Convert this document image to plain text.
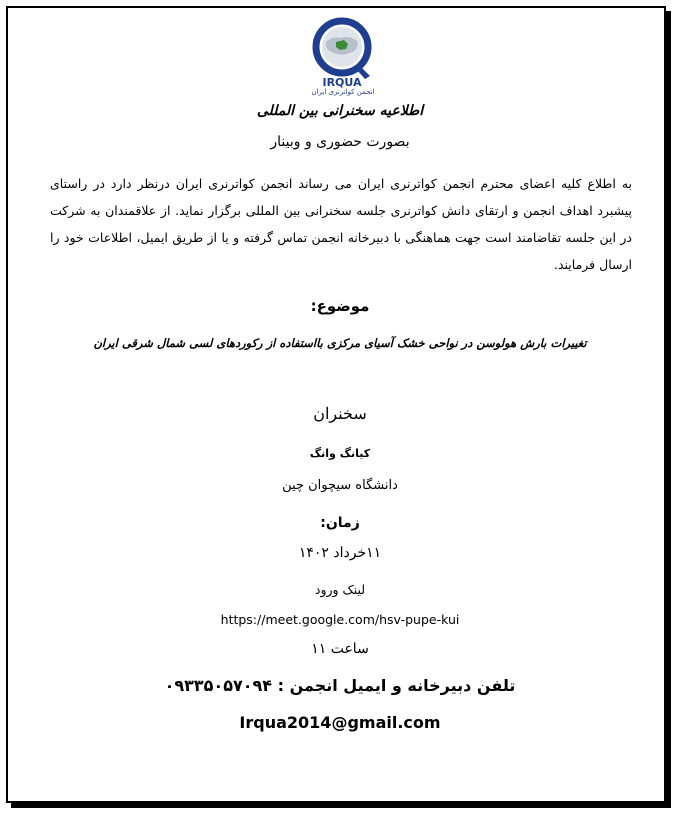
IRQUA
انجمن کواترنری ایران
اطلاعیه سخنرانی بین المللی
بصورت حضوری و وبینار
به اطلاع کلیه اعضای محترم انجمن کواترنری ایران می رساند انجمن کواترنری ایران درنظر دارد در راستای پیشبرد اهداف انجمن و ارتقای دانش کواترنری جلسه سخنرانی بین المللی برگزار نماید. از علاقمندان به شرکت در این جلسه تقاضامند است جهت هماهنگی با دبیرخانه انجمن تماس گرفته و یا از طریق ایمیل، اطلاعات خود را ارسال فرمایند.
موضوع:
تغییرات بارش هولوسن در نواحی خشک آسیای مرکزی بااستفاده از رکوردهای لسی شمال شرقی ایران
سخنران
کیانگ وانگ
دانشگاه سیچوان چین
زمان:
۱۱خرداد ۱۴۰۲
لینک ورود
https://meet.google.com/hsv-pupe-kui
ساعت ۱۱
تلفن دبیرخانه و ایمیل انجمن : ۰۹۳۳۵۰۵۷۰۹۴
Irqua2014@gmail.com
